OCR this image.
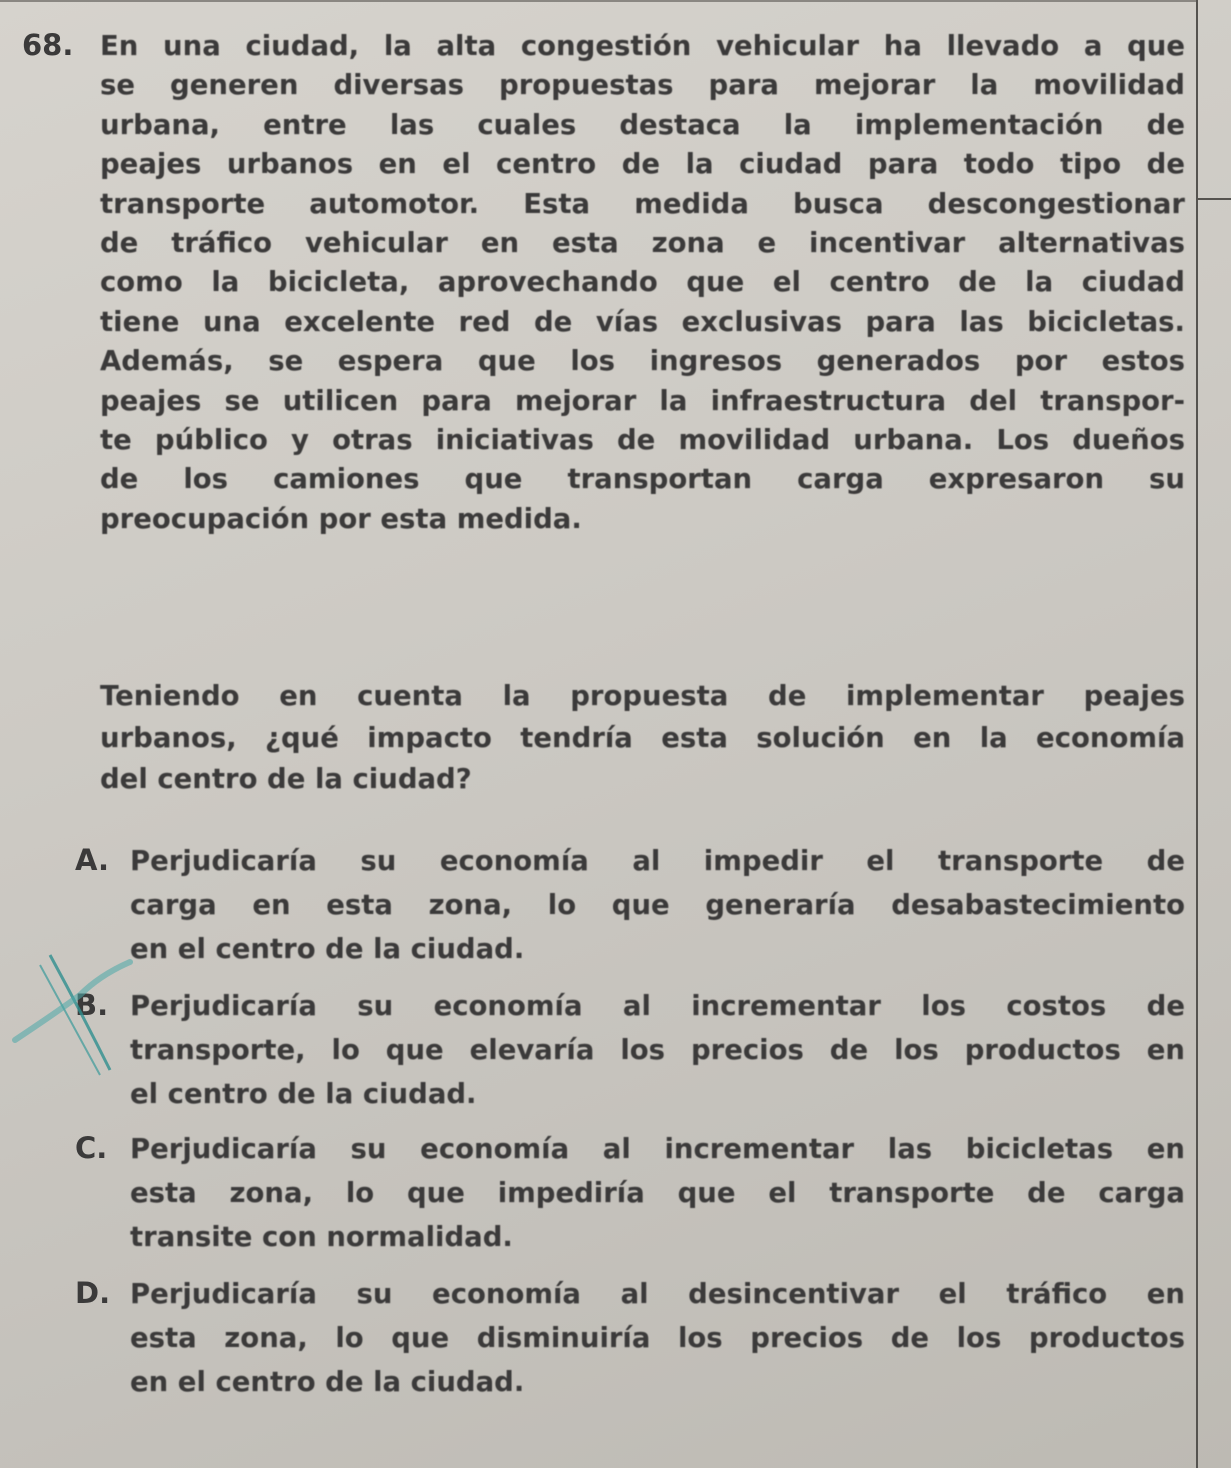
68. En una ciudad, la alta congestión vehicular ha llevado a que
se generen diversas propuestas para mejorar la movilidad
urbana, entre las cuales destaca la implementación de
peajes urbanos en el centro de la ciudad para todo tipo de
transporte automotor. Esta medida busca descongestionar
de tráfico vehicular en esta zona e incentivar alternativas
como la bicicleta, aprovechando que el centro de la ciudad
tiene una excelente red de vías exclusivas para las bicicletas.
Además, se espera que los ingresos generados por estos
peajes se utilicen para mejorar la infraestructura del transpor-
te público y otras iniciativas de movilidad urbana. Los dueños
de los camiones que transportan carga expresaron su
preocupación por esta medida.
Teniendo en cuenta la propuesta de implementar peajes
urbanos, ¿qué impacto tendría esta solución en la economía
del centro de la ciudad?
A. Perjudicaría su economía al impedir el transporte de
carga en esta zona, lo que generaría desabastecimiento
en el centro de la ciudad.
B. Perjudicaría su economía al incrementar los costos de
transporte, lo que elevaría los precios de los productos en
el centro de la ciudad.
C. Perjudicaría su economía al incrementar las bicicletas en
esta zona, lo que impediría que el transporte de carga
transite con normalidad.
D. Perjudicaría su economía al desincentivar el tráfico en
esta zona, lo que disminuiría los precios de los productos
en el centro de la ciudad.
